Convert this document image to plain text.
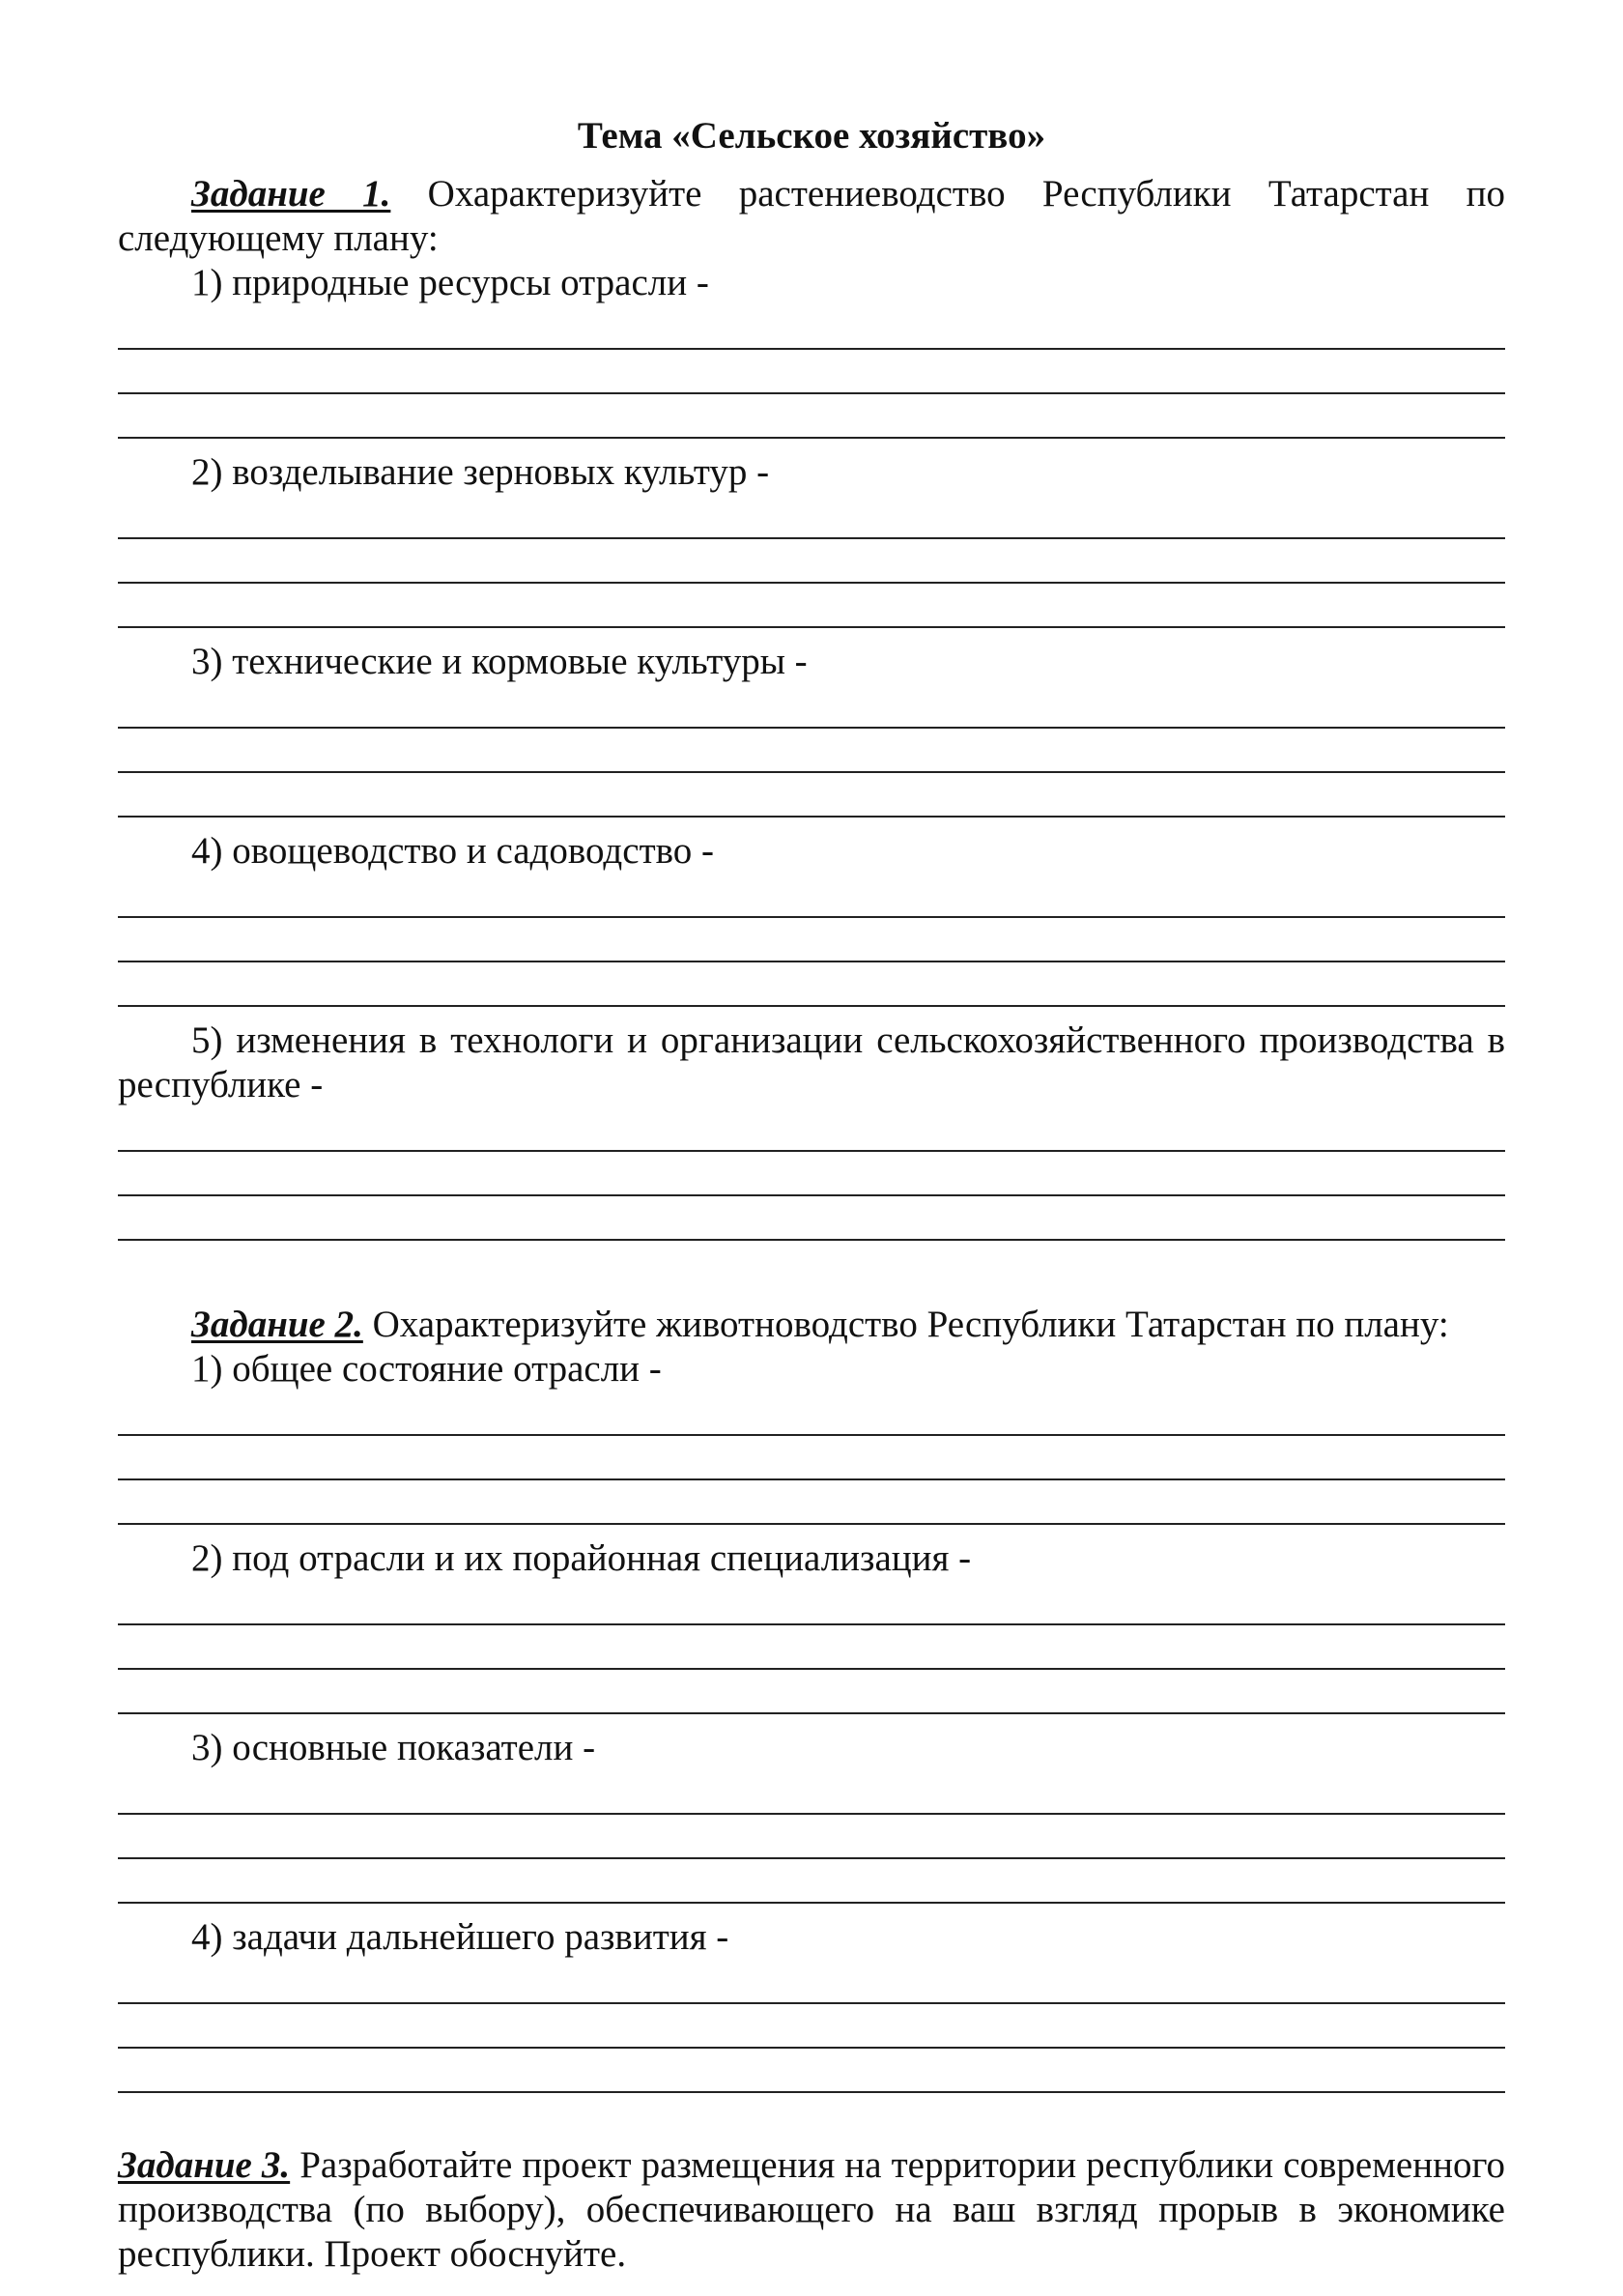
Тема «Сельское хозяйство»

Задание 1. Охарактеризуйте растениеводство Республики Татарстан по следующему плану:

1) природные ресурсы отрасли -

2) возделывание зерновых культур -

3) технические и кормовые культуры -

4) овощеводство и садоводство -

5) изменения в технологи и организации сельскохозяйственного производства в республике -

Задание 2. Охарактеризуйте животноводство Республики Татарстан по плану:

1) общее состояние отрасли -

2) под отрасли и их порайонная специализация -

3) основные показатели -

4) задачи дальнейшего развития -

Задание 3. Разработайте проект размещения на территории республики современного производства (по выбору), обеспечивающего на ваш взгляд прорыв в экономике республики. Проект обоснуйте.
